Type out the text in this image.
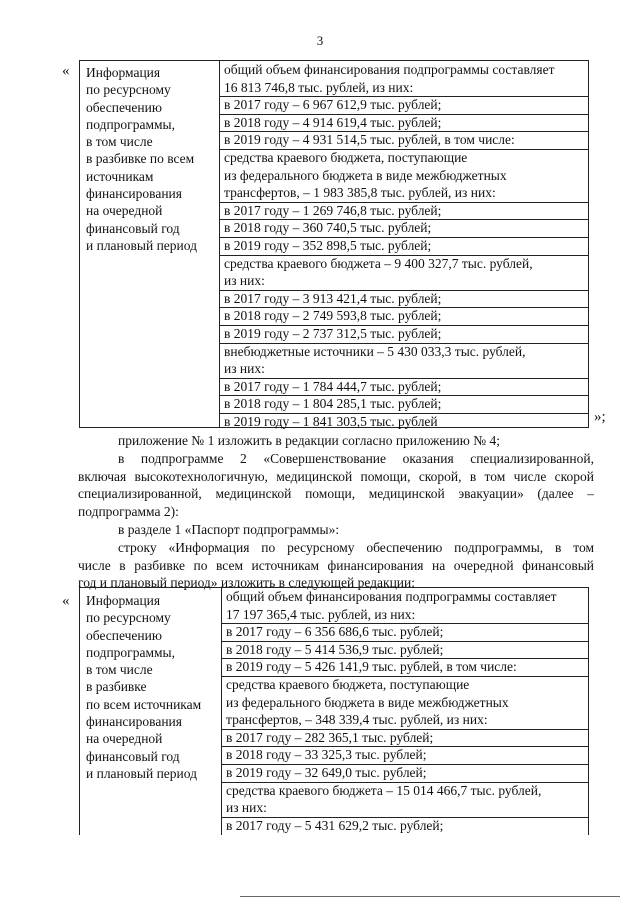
3
« Информация
по ресурсному
обеспечению
подпрограммы,
в том числе
в разбивке по всем
источникам
финансирования
на очередной
финансовый год
и плановый период
общий объем финансирования подпрограммы составляет
16 813 746,8 тыс. рублей, из них:
в 2017 году – 6 967 612,9 тыс. рублей;
в 2018 году – 4 914 619,4 тыс. рублей;
в 2019 году – 4 931 514,5 тыс. рублей, в том числе:
средства краевого бюджета, поступающие
из федерального бюджета в виде межбюджетных
трансфертов, – 1 983 385,8 тыс. рублей, из них:
в 2017 году – 1 269 746,8 тыс. рублей;
в 2018 году – 360 740,5 тыс. рублей;
в 2019 году – 352 898,5 тыс. рублей;
средства краевого бюджета – 9 400 327,7 тыс. рублей,
из них:
в 2017 году – 3 913 421,4 тыс. рублей;
в 2018 году – 2 749 593,8 тыс. рублей;
в 2019 году – 2 737 312,5 тыс. рублей;
внебюджетные источники – 5 430 033,3 тыс. рублей,
из них:
в 2017 году – 1 784 444,7 тыс. рублей;
в 2018 году – 1 804 285,1 тыс. рублей;
в 2019 году – 1 841 303,5 тыс. рублей	»;

приложение № 1 изложить в редакции согласно приложению № 4;

в подпрограмме 2 «Совершенствование оказания специализированной,
включая высокотехнологичную, медицинской помощи, скорой, в том числе скорой
специализированной, медицинской помощи, медицинской эвакуации» (далее –
подпрограмма 2):

в разделе 1 «Паспорт подпрограммы»:

строку «Информация по ресурсному обеспечению подпрограммы, в том
числе в разбивке по всем источникам финансирования на очередной финансовый
год и плановый период» изложить в следующей редакции:

« Информация
по ресурсному
обеспечению
подпрограммы,
в том числе
в разбивке
по всем источникам
финансирования
на очередной
финансовый год
и плановый период
общий объем финансирования подпрограммы составляет
17 197 365,4 тыс. рублей, из них:
в 2017 году – 6 356 686,6 тыс. рублей;
в 2018 году – 5 414 536,9 тыс. рублей;
в 2019 году – 5 426 141,9 тыс. рублей, в том числе:
средства краевого бюджета, поступающие
из федерального бюджета в виде межбюджетных
трансфертов, – 348 339,4 тыс. рублей, из них:
в 2017 году – 282 365,1 тыс. рублей;
в 2018 году – 33 325,3 тыс. рублей;
в 2019 году – 32 649,0 тыс. рублей;
средства краевого бюджета – 15 014 466,7 тыс. рублей,
из них:
в 2017 году – 5 431 629,2 тыс. рублей;
